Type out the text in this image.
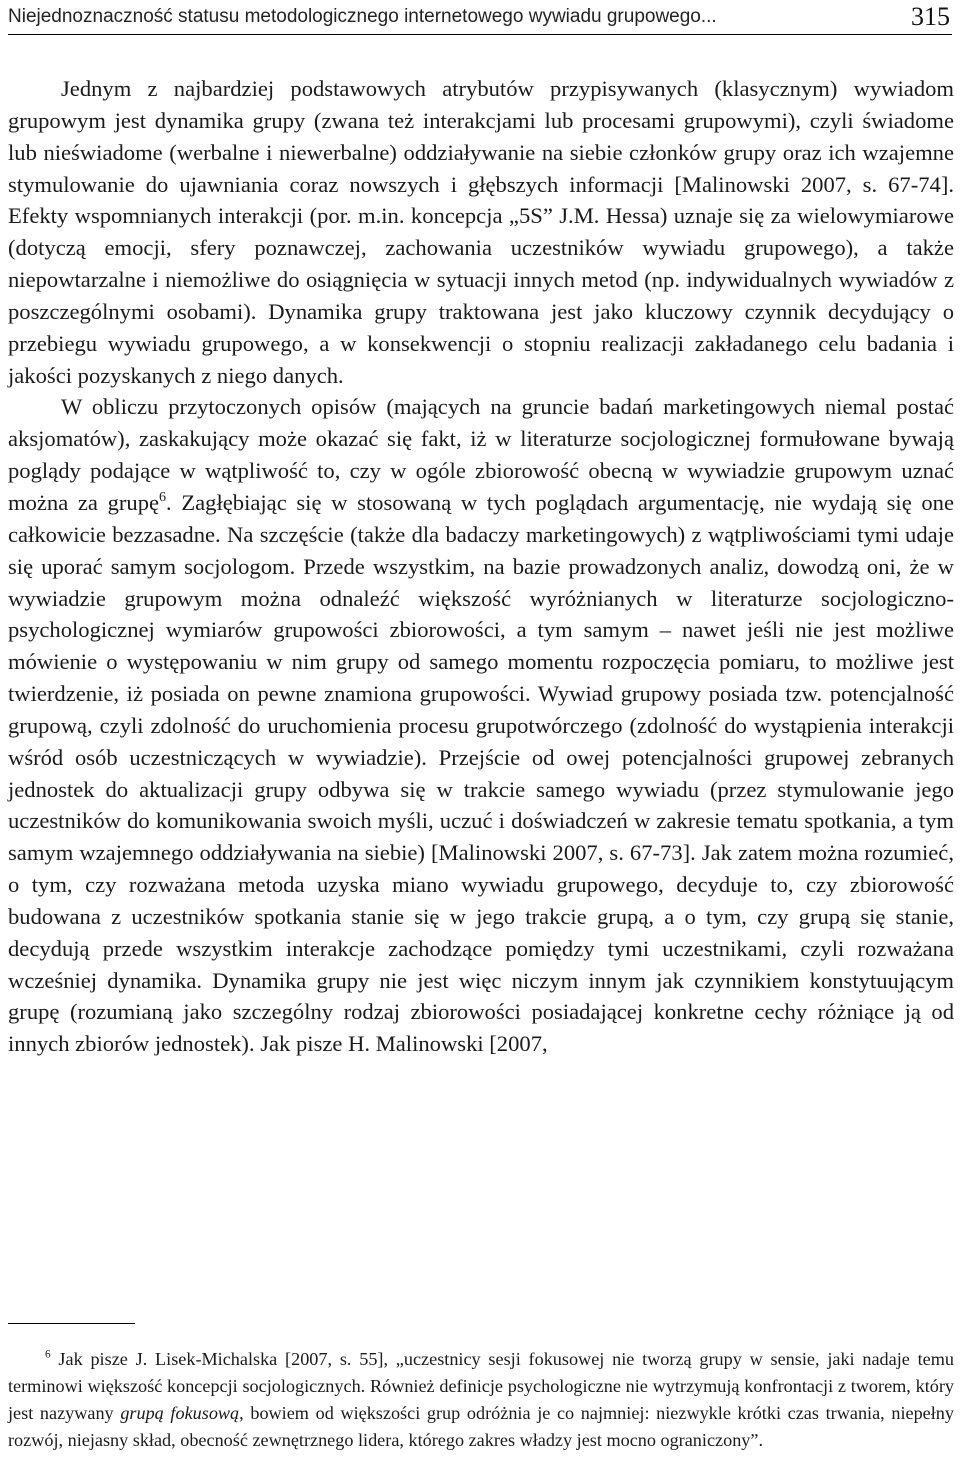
Niejednoznaczność statusu metodologicznego internetowego wywiadu grupowego...	315

Jednym z najbardziej podstawowych atrybutów przypisywanych (klasycznym) wywiadom grupowym jest dynamika grupy (zwana też interakcjami lub procesami grupowymi), czyli świadome lub nieświadome (werbalne i niewerbalne) oddziaływanie na siebie członków grupy oraz ich wzajemne stymulowanie do ujawniania coraz nowszych i głębszych informacji [Malinowski 2007, s. 67-74]. Efekty wspomnianych interakcji (por. m.in. koncepcja „5S” J.M. Hessa) uznaje się za wielowymiarowe (dotyczą emocji, sfery poznawczej, zachowania uczestników wywiadu grupowego), a także niepowtarzalne i niemożliwe do osiągnięcia w sytuacji innych metod (np. indywidualnych wywiadów z poszczególnymi osobami). Dynamika grupy traktowana jest jako kluczowy czynnik decydujący o przebiegu wywiadu grupowego, a w konsekwencji o stopniu realizacji zakładanego celu badania i jakości pozyskanych z niego danych.

W obliczu przytoczonych opisów (mających na gruncie badań marketingowych niemal postać aksjomatów), zaskakujący może okazać się fakt, iż w literaturze socjologicznej formułowane bywają poglądy podające w wątpliwość to, czy w ogóle zbiorowość obecną w wywiadzie grupowym uznać można za grupę$^6$. Zagłębiając się w stosowaną w tych poglądach argumentację, nie wydają się one całkowicie bezzasadne. Na szczęście (także dla badaczy marketingowych) z wątpliwościami tymi udaje się uporać samym socjologom. Przede wszystkim, na bazie prowadzonych analiz, dowodzą oni, że w wywiadzie grupowym można odnaleźć większość wyróżnianych w literaturze socjologiczno-psychologicznej wymiarów grupowości zbiorowości, a tym samym – nawet jeśli nie jest możliwe mówienie o występowaniu w nim grupy od samego momentu rozpoczęcia pomiaru, to możliwe jest twierdzenie, iż posiada on pewne znamiona grupowości. Wywiad grupowy posiada tzw. potencjalność grupową, czyli zdolność do uruchomienia procesu grupotwórczego (zdolność do wystąpienia interakcji wśród osób uczestniczących w wywiadzie). Przejście od owej potencjalności grupowej zebranych jednostek do aktualizacji grupy odbywa się w trakcie samego wywiadu (przez stymulowanie jego uczestników do komunikowania swoich myśli, uczuć i doświadczeń w zakresie tematu spotkania, a tym samym wzajemnego oddziaływania na siebie) [Malinowski 2007, s. 67-73]. Jak zatem można rozumieć, o tym, czy rozważana metoda uzyska miano wywiadu grupowego, decyduje to, czy zbiorowość budowana z uczestników spotkania stanie się w jego trakcie grupą, a o tym, czy grupą się stanie, decydują przede wszystkim interakcje zachodzące pomiędzy tymi uczestnikami, czyli rozważana wcześniej dynamika. Dynamika grupy nie jest więc niczym innym jak czynnikiem konstytuującym grupę (rozumianą jako szczególny rodzaj zbiorowości posiadającej konkretne cechy różniące ją od innych zbiorów jednostek). Jak pisze H. Malinowski [2007,

$^6$ Jak pisze J. Lisek-Michalska [2007, s. 55], „uczestnicy sesji fokusowej nie tworzą grupy w sensie, jaki nadaje temu terminowi większość koncepcji socjologicznych. Również definicje psychologiczne nie wytrzymują konfrontacji z tworem, który jest nazywany grupą fokusową, bowiem od większości grup odróżnia je co najmniej: niezwykle krótki czas trwania, niepełny rozwój, niejasny skład, obecność zewnętrznego lidera, którego zakres władzy jest mocno ograniczony”.
